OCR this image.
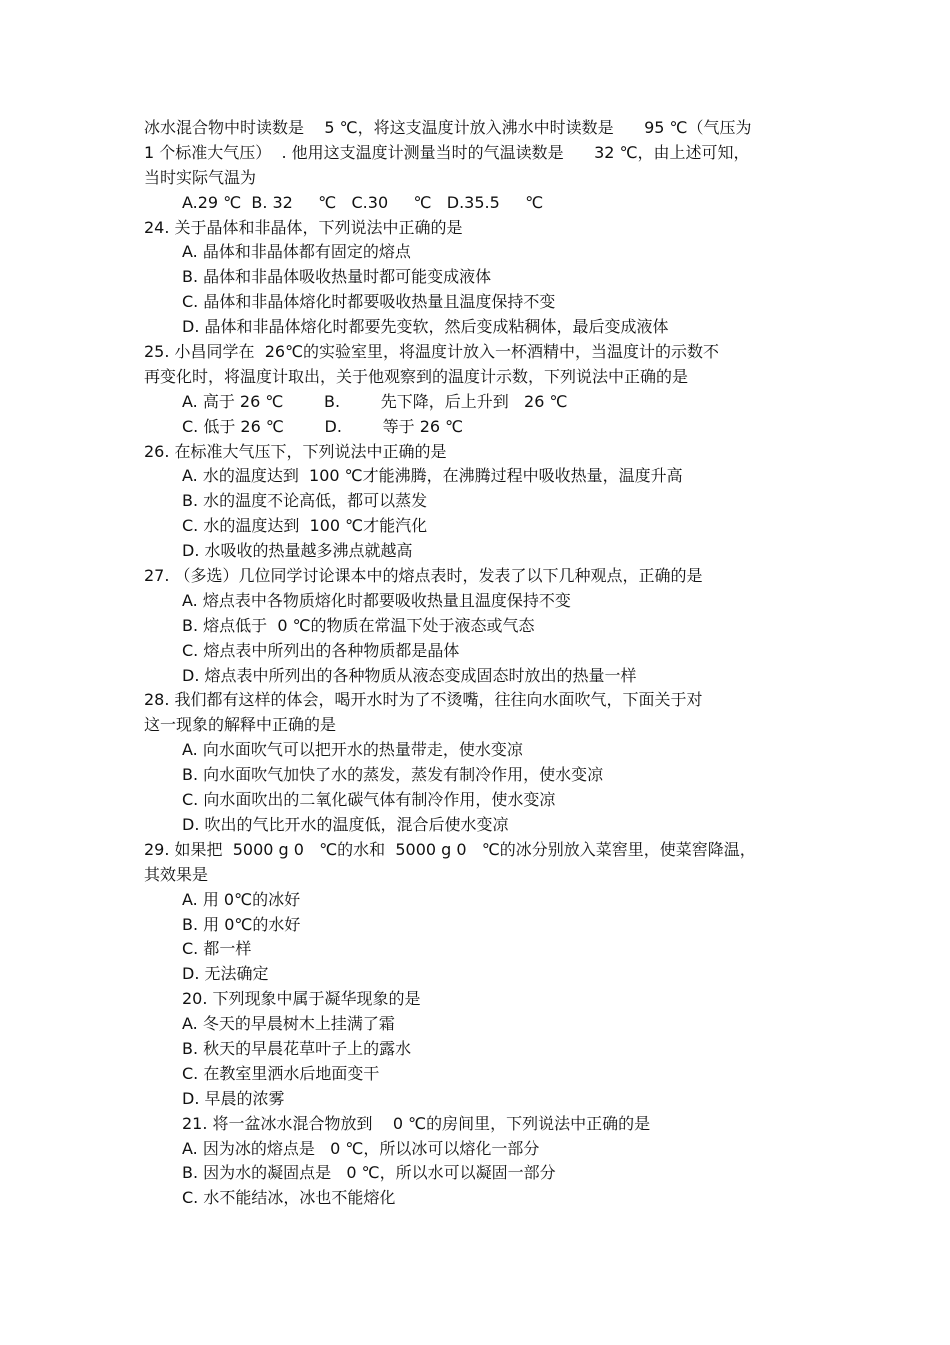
冰水混合物中时读数是    5 ℃，将这支温度计放入沸水中时读数是      95 ℃（气压为
1 个标准大气压）  . 他用这支温度计测量当时的气温读数是      32 ℃，由上述可知，
当时实际气温为
A.29 ℃  B. 32     ℃   C.30     ℃   D.35.5     ℃
24. 关于晶体和非晶体，下列说法中正确的是
A. 晶体和非晶体都有固定的熔点
B. 晶体和非晶体吸收热量时都可能变成液体
C. 晶体和非晶体熔化时都要吸收热量且温度保持不变
D. 晶体和非晶体熔化时都要先变软，然后变成粘稠体，最后变成液体
25. 小昌同学在  26℃的实验室里，将温度计放入一杯酒精中，当温度计的示数不
再变化时，将温度计取出，关于他观察到的温度计示数，下列说法中正确的是
A. 高于 26 ℃        B.        先下降，后上升到   26 ℃
C. 低于 26 ℃        D.        等于 26 ℃
26. 在标准大气压下，下列说法中正确的是
A. 水的温度达到  100 ℃才能沸腾，在沸腾过程中吸收热量，温度升高
B. 水的温度不论高低，都可以蒸发
C. 水的温度达到  100 ℃才能汽化
D. 水吸收的热量越多沸点就越高
27. （多选）几位同学讨论课本中的熔点表时，发表了以下几种观点，正确的是
A. 熔点表中各物质熔化时都要吸收热量且温度保持不变
B. 熔点低于  0 ℃的物质在常温下处于液态或气态
C. 熔点表中所列出的各种物质都是晶体
D. 熔点表中所列出的各种物质从液态变成固态时放出的热量一样
28. 我们都有这样的体会，喝开水时为了不烫嘴，往往向水面吹气，下面关于对
这一现象的解释中正确的是
A. 向水面吹气可以把开水的热量带走，使水变凉
B. 向水面吹气加快了水的蒸发，蒸发有制冷作用，使水变凉
C. 向水面吹出的二氧化碳气体有制冷作用，使水变凉
D. 吹出的气比开水的温度低，混合后使水变凉
29. 如果把  5000 g 0   ℃的水和  5000 g 0   ℃的冰分别放入菜窖里，使菜窖降温，
其效果是
A. 用 0℃的冰好
B. 用 0℃的水好
C. 都一样
D. 无法确定
20. 下列现象中属于凝华现象的是
A. 冬天的早晨树木上挂满了霜
B. 秋天的早晨花草叶子上的露水
C. 在教室里洒水后地面变干
D. 早晨的浓雾
21. 将一盆冰水混合物放到    0 ℃的房间里，下列说法中正确的是
A. 因为冰的熔点是   0 ℃，所以冰可以熔化一部分
B. 因为水的凝固点是   0 ℃，所以水可以凝固一部分
C. 水不能结冰，冰也不能熔化
